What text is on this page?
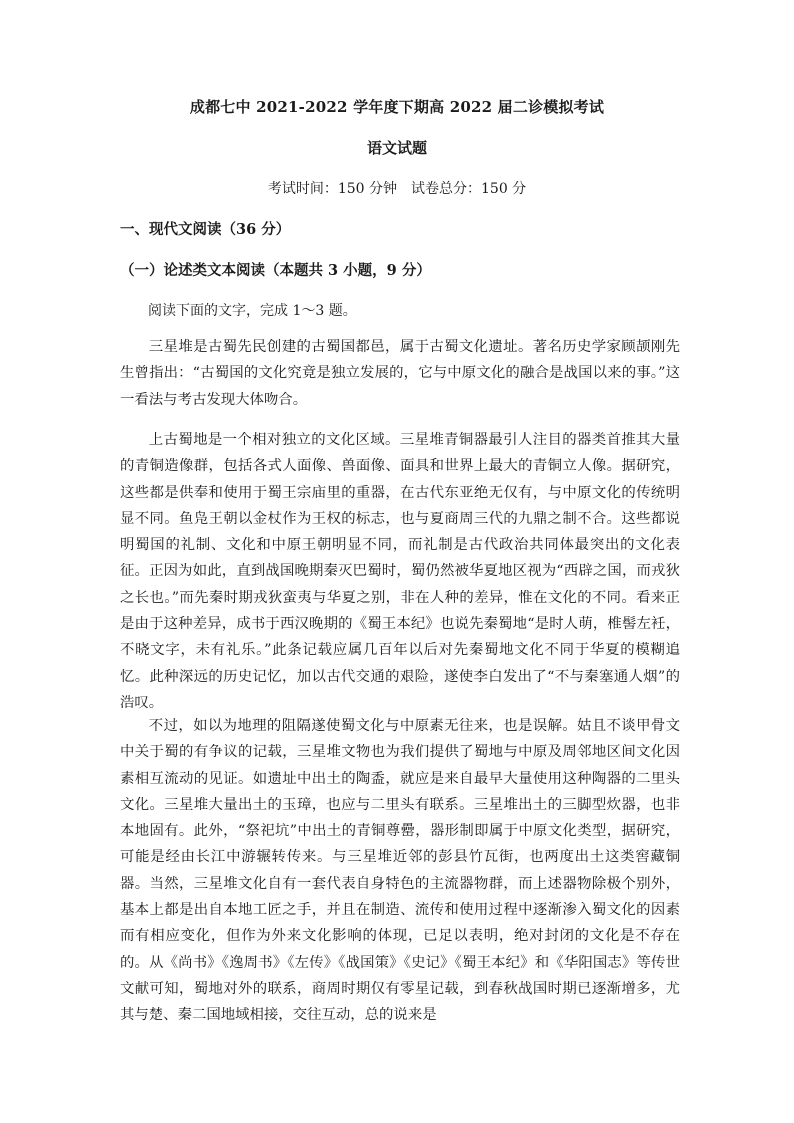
成都七中 2021-2022 学年度下期高 2022 届二诊模拟考试
语文试题
考试时间：150 分钟　试卷总分：150 分
一、现代文阅读（36 分）
（一）论述类文本阅读（本题共 3 小题，9 分）
阅读下面的文字，完成 1～3 题。

三星堆是古蜀先民创建的古蜀国都邑，属于古蜀文化遗址。著名历史学家顾颉刚先生曾指出：“古蜀国的文化究竟是独立发展的，它与中原文化的融合是战国以来的事。”这一看法与考古发现大体吻合。

上古蜀地是一个相对独立的文化区域。三星堆青铜器最引人注目的器类首推其大量的青铜造像群，包括各式人面像、兽面像、面具和世界上最大的青铜立人像。据研究，这些都是供奉和使用于蜀王宗庙里的重器，在古代东亚绝无仅有，与中原文化的传统明显不同。鱼凫王朝以金杖作为王权的标志，也与夏商周三代的九鼎之制不合。这些都说明蜀国的礼制、文化和中原王朝明显不同，而礼制是古代政治共同体最突出的文化表征。正因为如此，直到战国晚期秦灭巴蜀时，蜀仍然被华夏地区视为“西辟之国，而戎狄之长也。”而先秦时期戎狄蛮夷与华夏之别，非在人种的差异，惟在文化的不同。看来正是由于这种差异，成书于西汉晚期的《蜀王本纪》也说先秦蜀地“是时人萌，椎髻左衽，不晓文字，未有礼乐。”此条记载应属几百年以后对先秦蜀地文化不同于华夏的模糊追忆。此种深远的历史记忆，加以古代交通的艰险，遂使李白发出了“不与秦塞通人烟”的浩叹。

不过，如以为地理的阻隔遂使蜀文化与中原素无往来，也是误解。姑且不谈甲骨文中关于蜀的有争议的记载，三星堆文物也为我们提供了蜀地与中原及周邻地区间文化因素相互流动的见证。如遗址中出土的陶盉，就应是来自最早大量使用这种陶器的二里头文化。三星堆大量出土的玉璋，也应与二里头有联系。三星堆出土的三脚型炊器，也非本地固有。此外，“祭祀坑”中出土的青铜尊罍，器形制即属于中原文化类型，据研究，可能是经由长江中游辗转传来。与三星堆近邻的彭县竹瓦街，也两度出土这类窖藏铜器。当然，三星堆文化自有一套代表自身特色的主流器物群，而上述器物除极个别外，基本上都是出自本地工匠之手，并且在制造、流传和使用过程中逐渐渗入蜀文化的因素而有相应变化，但作为外来文化影响的体现，已足以表明，绝对封闭的文化是不存在的。从《尚书》《逸周书》《左传》《战国策》《史记》《蜀王本纪》和《华阳国志》等传世文献可知，蜀地对外的联系，商周时期仅有零星记载，到春秋战国时期已逐渐增多，尤其与楚、秦二国地域相接，交往互动，总的说来是
